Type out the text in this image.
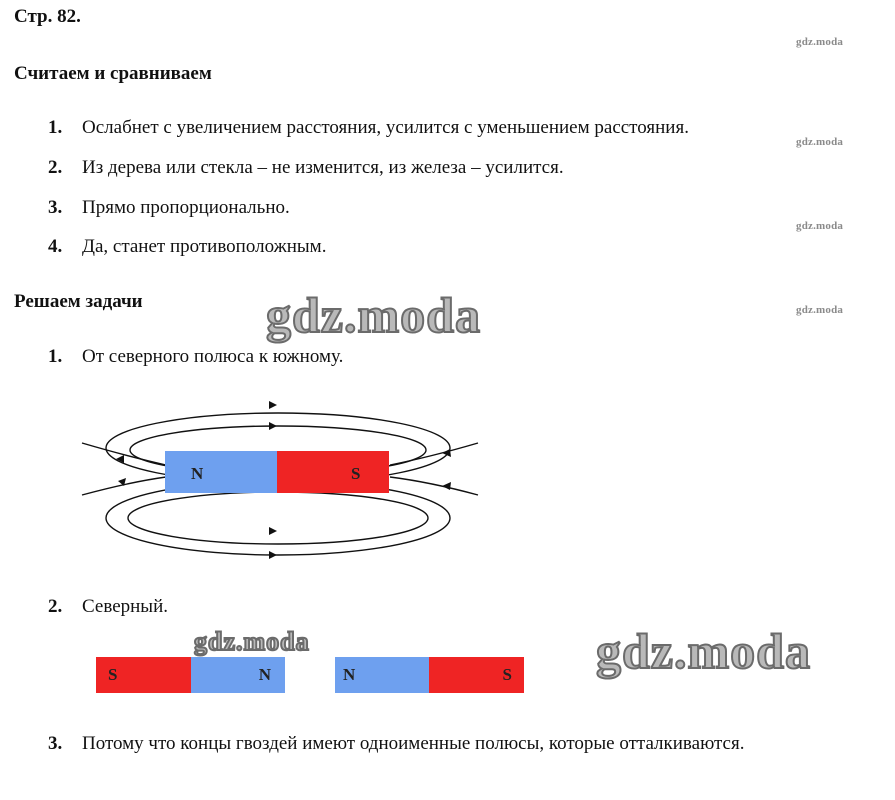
Стр. 82.
gdz.moda
gdz.moda
gdz.moda
gdz.moda
Считаем и сравниваем
1. Ослабнет с увеличением расстояния, усилится с уменьшением расстояния.
2. Из дерева или стекла – не изменится, из железа – усилится.
3. Прямо пропорционально.
4. Да, станет противоположным.
Решаем задачи gdz.moda
1. От северного полюса к южному.
N	S
2. Северный.
S	N	N	S
gdz.moda	gdz.moda
3. Потому что концы гвоздей имеют одноименные полюсы, которые отталкиваются.
